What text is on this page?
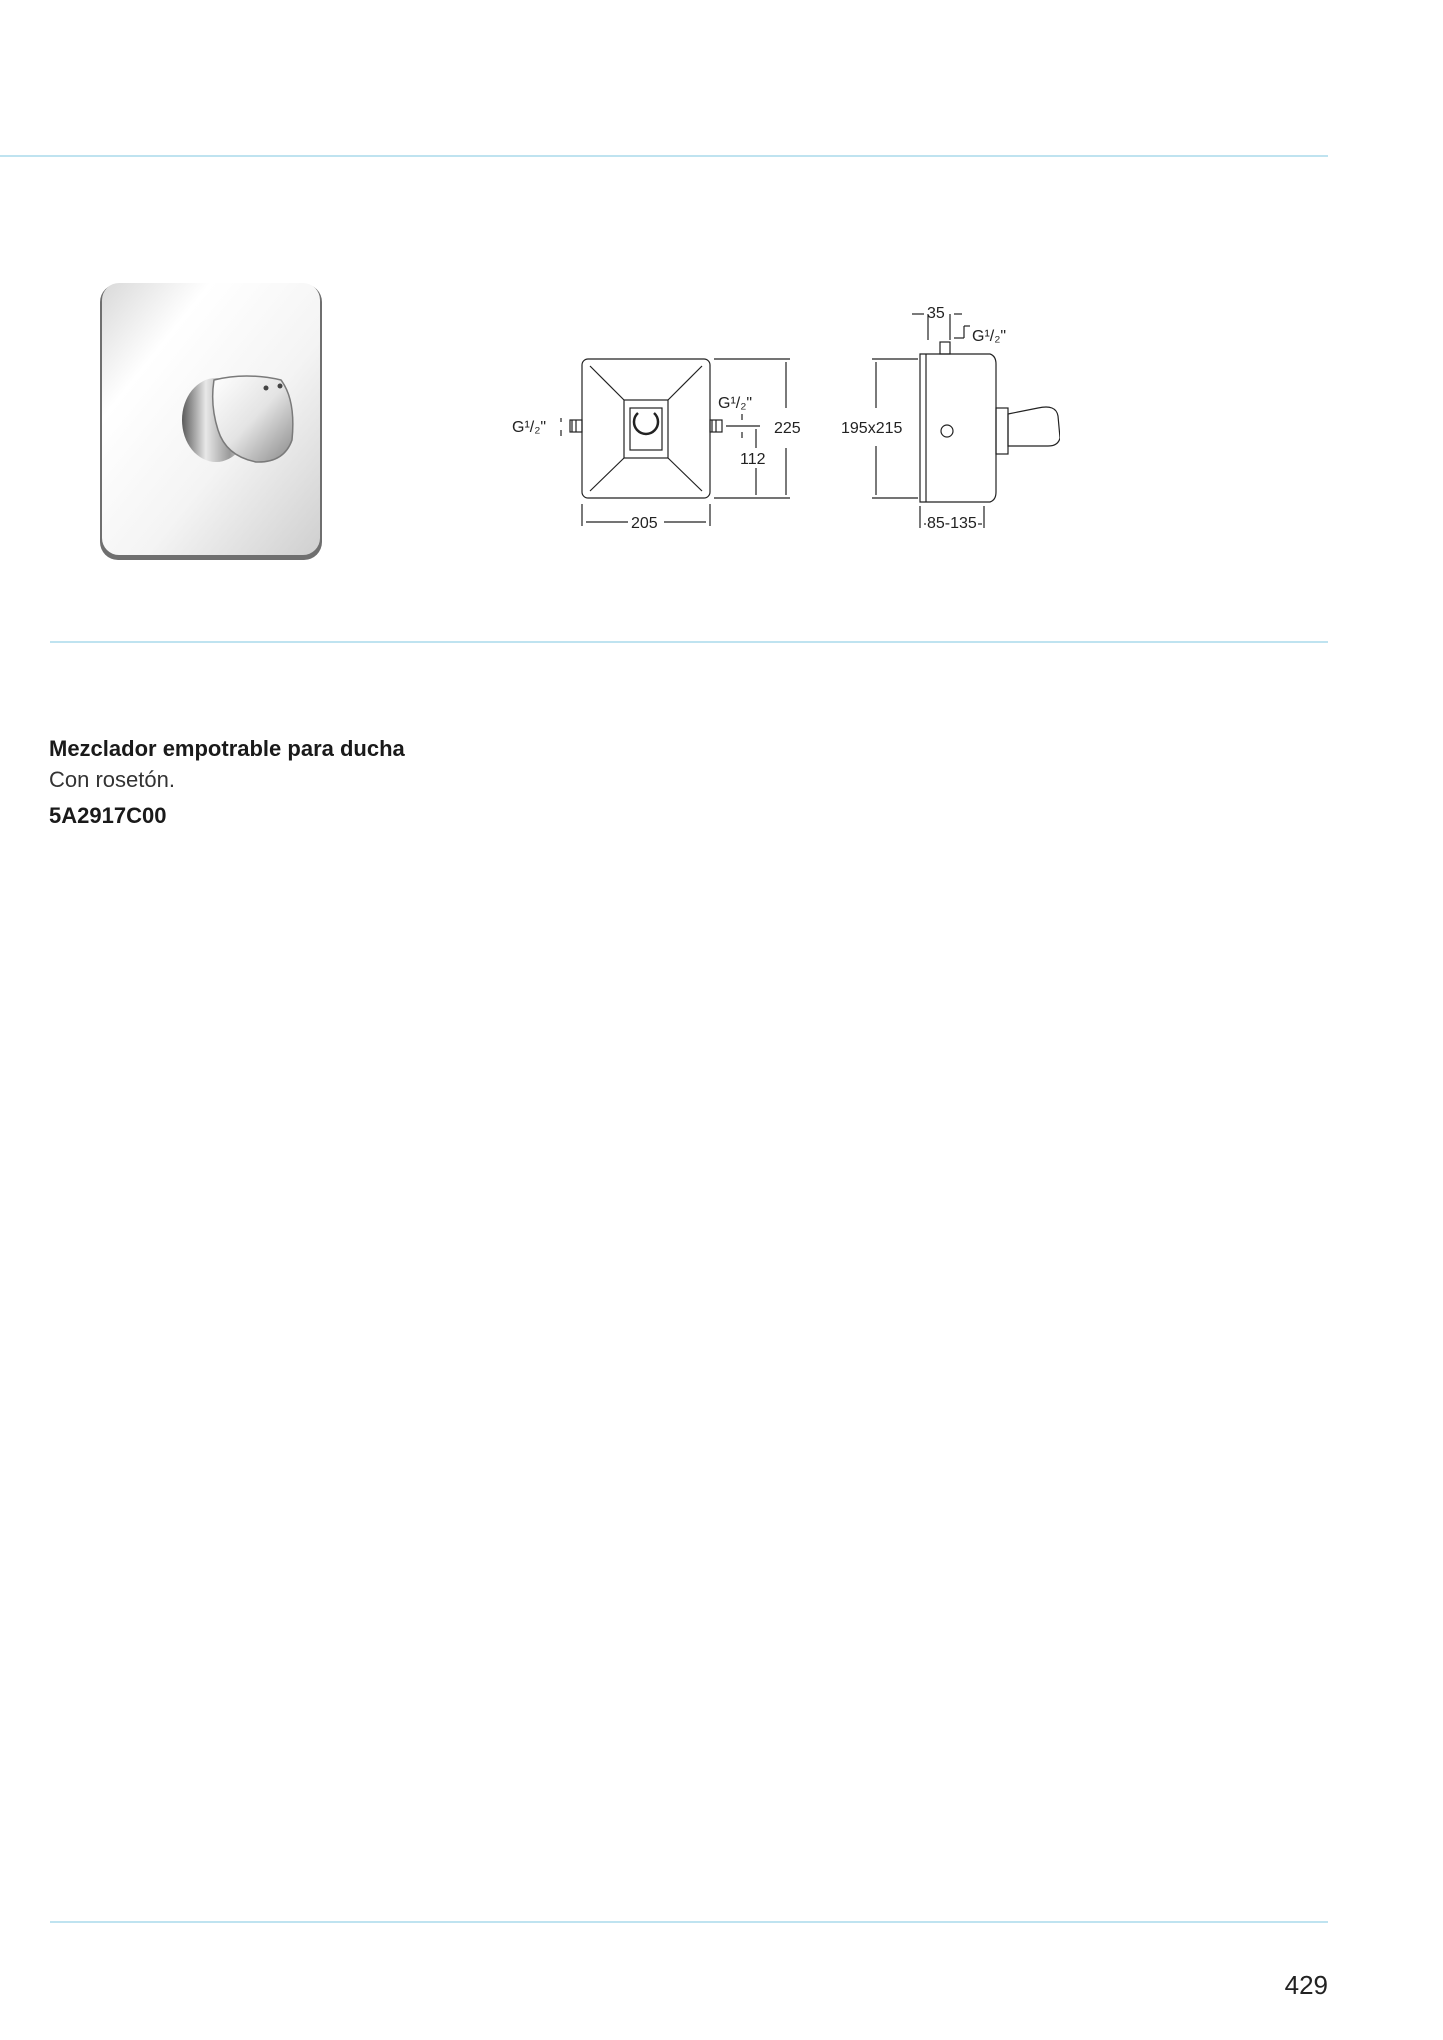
G¹/₂"
G¹/₂"
225
112
205
195x215
35
G¹/₂"
85-135
Mezclador empotrable para ducha

Con rosetón.

5A2917C00

429
